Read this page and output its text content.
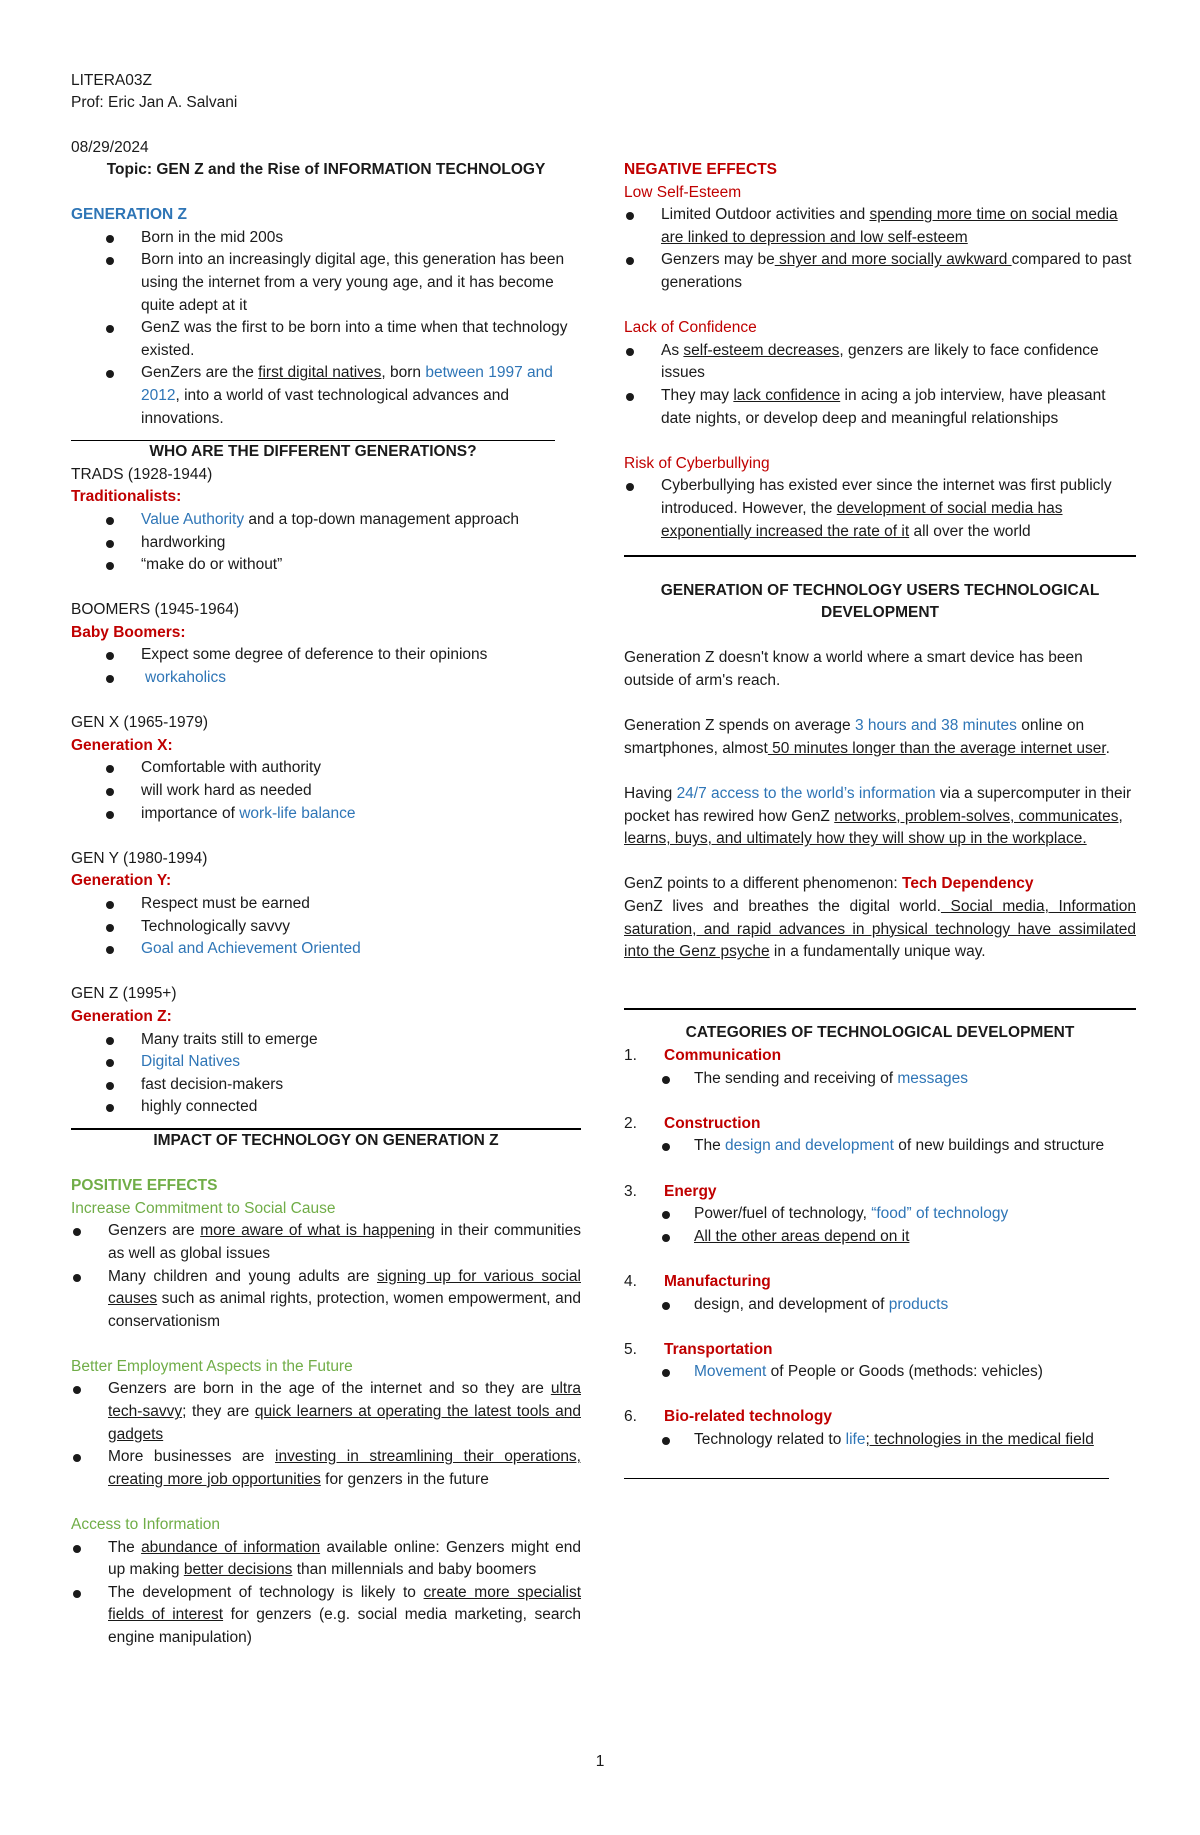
LITERA03Z
Prof: Eric Jan A. Salvani
08/29/2024
Topic: GEN Z and the Rise of INFORMATION TECHNOLOGY
GENERATION Z
Born in the mid 200s
Born into an increasingly digital age, this generation has been using the internet from a very young age, and it has become quite adept at it
GenZ was the first to be born into a time when that technology existed.
GenZers are the first digital natives, born between 1997 and 2012, into a world of vast technological advances and innovations.
WHO ARE THE DIFFERENT GENERATIONS?
TRADS (1928-1944)
Traditionalists:
Value Authority and a top-down management approach
hardworking
“make do or without”
BOOMERS (1945-1964)
Baby Boomers:
Expect some degree of deference to their opinions
workaholics
GEN X (1965-1979)
Generation X:
Comfortable with authority
will work hard as needed
importance of work-life balance
GEN Y (1980-1994)
Generation Y:
Respect must be earned
Technologically savvy
Goal and Achievement Oriented
GEN Z (1995+)
Generation Z:
Many traits still to emerge
Digital Natives
fast decision-makers
highly connected
IMPACT OF TECHNOLOGY ON GENERATION Z
POSITIVE EFFECTS
Increase Commitment to Social Cause
Genzers are more aware of what is happening in their communities as well as global issues
Many children and young adults are signing up for various social causes such as animal rights, protection, women empowerment, and conservationism
Better Employment Aspects in the Future
Genzers are born in the age of the internet and so they are ultra tech-savvy; they are quick learners at operating the latest tools and gadgets
More businesses are investing in streamlining their operations, creating more job opportunities for genzers in the future
Access to Information
The abundance of information available online: Genzers might end up making better decisions than millennials and baby boomers
The development of technology is likely to create more specialist fields of interest for genzers (e.g. social media marketing, search engine manipulation)
NEGATIVE EFFECTS
Low Self-Esteem
Limited Outdoor activities and spending more time on social media are linked to depression and low self-esteem
Genzers may be shyer and more socially awkward compared to past generations
Lack of Confidence
As self-esteem decreases, genzers are likely to face confidence issues
They may lack confidence in acing a job interview, have pleasant date nights, or develop deep and meaningful relationships
Risk of Cyberbullying
Cyberbullying has existed ever since the internet was first publicly introduced. However, the development of social media has exponentially increased the rate of it all over the world
GENERATION OF TECHNOLOGY USERS TECHNOLOGICAL DEVELOPMENT
Generation Z doesn't know a world where a smart device has been outside of arm's reach.
Generation Z spends on average 3 hours and 38 minutes online on smartphones, almost 50 minutes longer than the average internet user.
Having 24/7 access to the world’s information via a supercomputer in their pocket has rewired how GenZ networks, problem-solves, communicates, learns, buys, and ultimately how they will show up in the workplace.
GenZ points to a different phenomenon: Tech Dependency
GenZ lives and breathes the digital world. Social media, Information saturation, and rapid advances in physical technology have assimilated into the Genz psyche in a fundamentally unique way.
CATEGORIES OF TECHNOLOGICAL DEVELOPMENT
1. Communication
The sending and receiving of messages
2. Construction
The design and development of new buildings and structure
3. Energy
Power/fuel of technology, “food” of technology
All the other areas depend on it
4. Manufacturing
design, and development of products
5. Transportation
Movement of People or Goods (methods: vehicles)
6. Bio-related technology
Technology related to life; technologies in the medical field
1
